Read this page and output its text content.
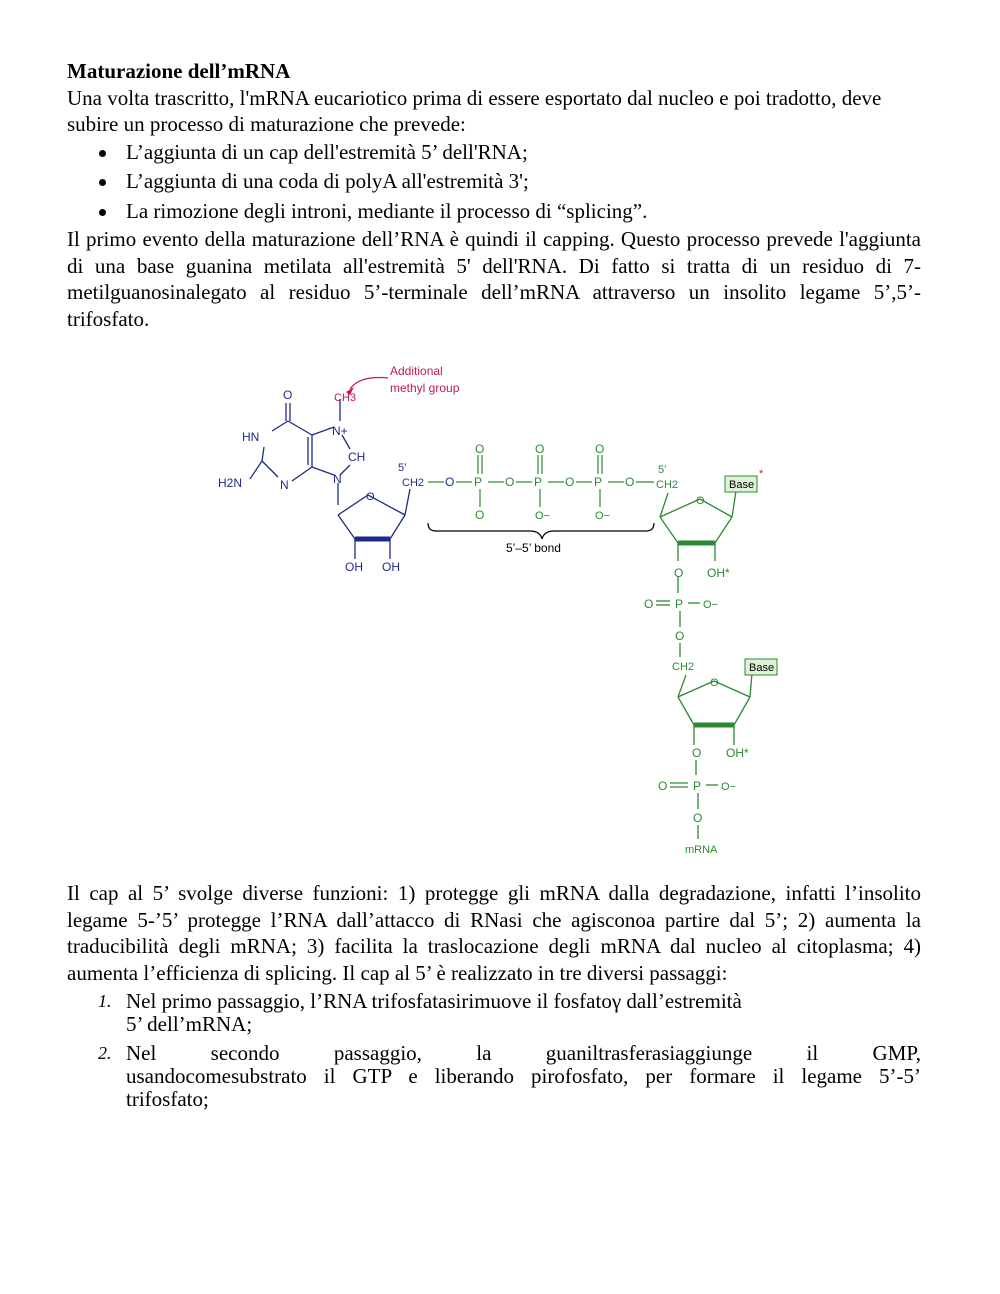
Maturazione dell’mRNA

Una volta trascritto, l'mRNA eucariotico prima di essere esportato dal nucleo e poi tradotto, deve subire un processo di maturazione che prevede:

L’aggiunta di un cap dell'estremità 5’ dell'RNA;
L’aggiunta di una coda di polyA all'estremità 3';
La rimozione degli introni, mediante il processo di “splicing”.

Il primo evento della maturazione dell’RNA è quindi il capping. Questo processo prevede l'aggiunta di una base guanina metilata all'estremità 5' dell'RNA. Di fatto si tratta di un residuo di 7-metilguanosinalegato al residuo 5’-terminale dell’mRNA attraverso un insolito legame 5’,5’-trifosfato.

Additional
methyl group
O
HN
H2N	N	N
N+
CH
CH3
O
OH OH
5’
CH2 O P O P O P O
O	O	O
O	O−	O−
5’–5’ bond
5’
CH2
O
Base
*
O OH*
O P O−
O
CH2
O
Base
O OH*
O P O−
O
mRNA

Il cap al 5’ svolge diverse funzioni: 1) protegge gli mRNA dalla degradazione, infatti l’insolito legame 5-’5’ protegge l’RNA dall’attacco di RNasi che agisconoa partire dal 5’; 2) aumenta la traducibilità degli mRNA; 3) facilita la traslocazione degli mRNA dal nucleo al citoplasma; 4) aumenta l’efficienza di splicing. Il cap al 5’ è realizzato in tre diversi passaggi:

1. Nel primo passaggio, l’RNA trifosfatasirimuove il fosfatoγ dall’estremità
5’ dell’mRNA;
2. Nel secondo passaggio, la guaniltrasferasiaggiunge il GMP,
usandocomesubstrato il GTP e liberando pirofosfato, per formare il legame 5’-5’
trifosfato;
